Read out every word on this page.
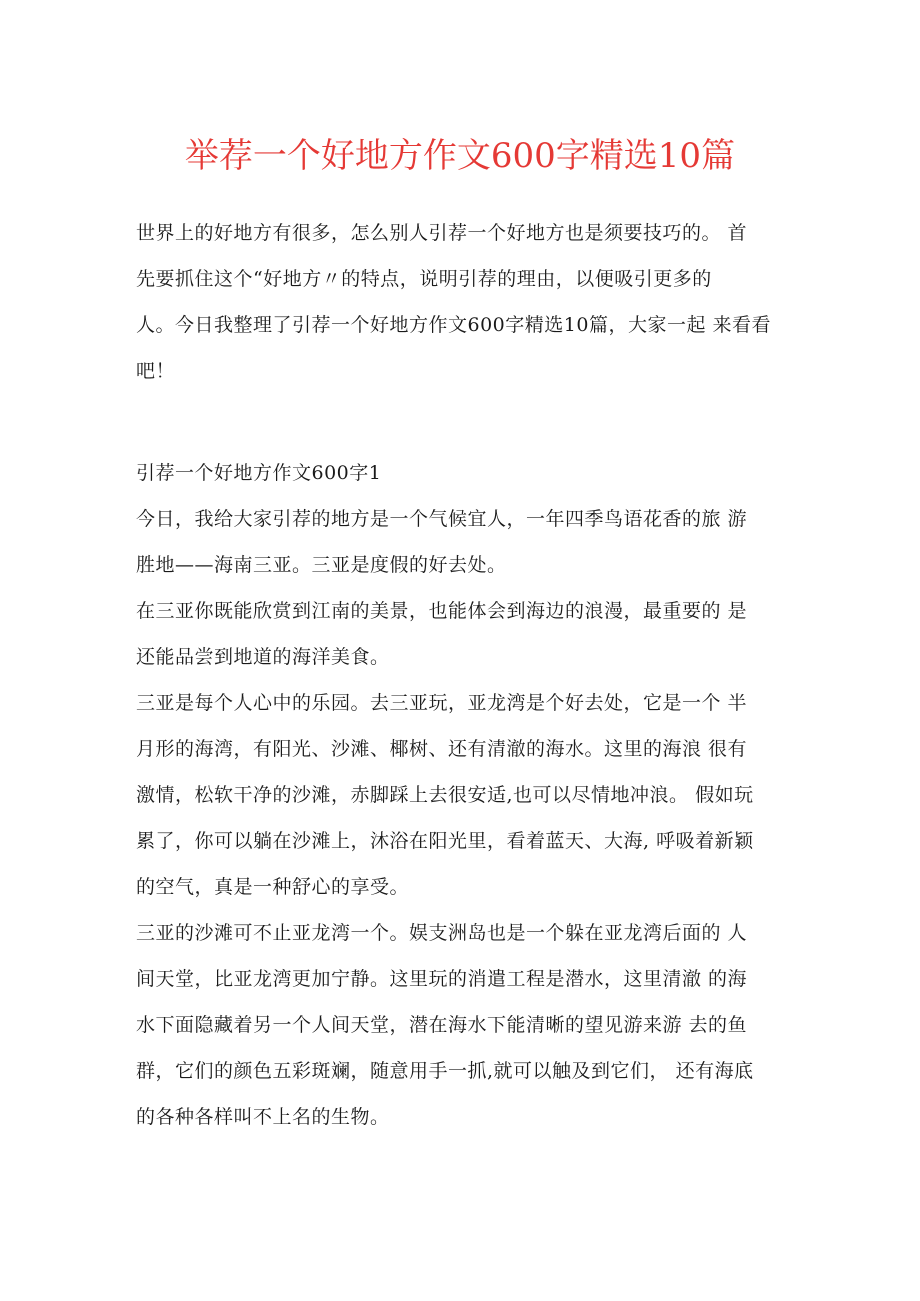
举荐一个好地方作文600字精选10篇
世界上的好地方有很多，怎么别人引荐一个好地方也是须要技巧的。 首
先要抓住这个“好地方〃的特点，说明引荐的理由，以便吸引更多的
人。今日我整理了引荐一个好地方作文600字精选10篇，大家一起 来看看
吧！
引荐一个好地方作文600字1
今日，我给大家引荐的地方是一个气候宜人，一年四季鸟语花香的旅 游
胜地——海南三亚。三亚是度假的好去处。
在三亚你既能欣赏到江南的美景，也能体会到海边的浪漫，最重要的 是
还能品尝到地道的海洋美食。
三亚是每个人心中的乐园。去三亚玩，亚龙湾是个好去处，它是一个 半
月形的海湾，有阳光、沙滩、椰树、还有清澈的海水。这里的海浪 很有
激情，松软干净的沙滩，赤脚踩上去很安适,也可以尽情地冲浪。 假如玩
累了，你可以躺在沙滩上，沐浴在阳光里，看着蓝天、大海, 呼吸着新颖
的空气，真是一种舒心的享受。
三亚的沙滩可不止亚龙湾一个。娱支洲岛也是一个躲在亚龙湾后面的 人
间天堂，比亚龙湾更加宁静。这里玩的消遣工程是潜水，这里清澈 的海
水下面隐藏着另一个人间天堂，潜在海水下能清晰的望见游来游 去的鱼
群，它们的颜色五彩斑斓，随意用手一抓,就可以触及到它们， 还有海底
的各种各样叫不上名的生物。
